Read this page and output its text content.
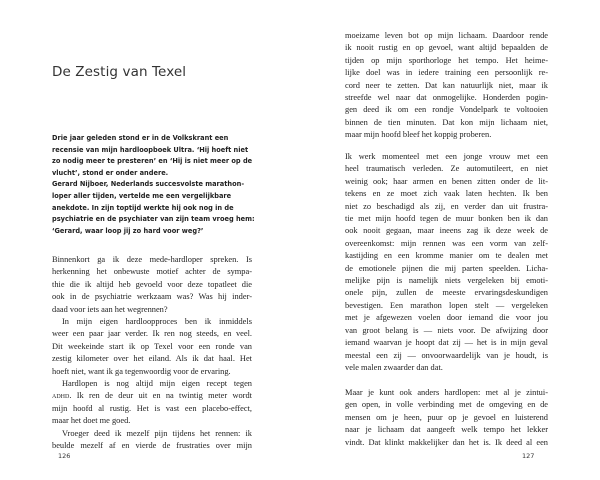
De Zestig van Texel
Drie jaar geleden stond er in de Volkskrant een
recensie van mijn hardloopboek Ultra. ‘Hij hoeft niet
zo nodig meer te presteren’ en ‘Hij is niet meer op de
vlucht’, stond er onder andere.
Gerard Nijboer, Nederlands succesvolste marathon-
loper aller tijden, vertelde me een vergelijkbare
anekdote. In zijn toptijd werkte hij ook nog in de
psychiatrie en de psychiater van zijn team vroeg hem:
‘Gerard, waar loop jij zo hard voor weg?’
Binnenkort ga ik deze mede-hardloper spreken. Is
herkenning het onbewuste motief achter de sympa-
thie die ik altijd heb gevoeld voor deze topatleet die
ook in de psychiatrie werkzaam was? Was hij inder-
daad voor iets aan het wegrennen?
In mijn eigen hardloopproces ben ik inmiddels
weer een paar jaar verder. Ik ren nog steeds, en veel.
Dit weekeinde start ik op Texel voor een ronde van
zestig kilometer over het eiland. Als ik dat haal. Het
hoeft niet, want ik ga tegenwoordig voor de ervaring.
Hardlopen is nog altijd mijn eigen recept tegen
adhd. Ik ren de deur uit en na twintig meter wordt
mijn hoofd al rustig. Het is vast een placebo-effect,
maar het doet me goed.
Vroeger deed ik mezelf pijn tijdens het rennen: ik
beulde mezelf af en vierde de frustraties over mijn
126
moeizame leven bot op mijn lichaam. Daardoor rende
ik nooit rustig en op gevoel, want altijd bepaalden de
tijden op mijn sporthorloge het tempo. Het heime-
lijke doel was in iedere training een persoonlijk re-
cord neer te zetten. Dat kan natuurlijk niet, maar ik
streefde wel naar dat onmogelijke. Honderden pogin-
gen deed ik om een rondje Vondelpark te voltooien
binnen de tien minuten. Dat kon mijn lichaam niet,
maar mijn hoofd bleef het koppig proberen.
Ik werk momenteel met een jonge vrouw met een
heel traumatisch verleden. Ze automutileert, en niet
weinig ook; haar armen en benen zitten onder de lit-
tekens en ze moet zich vaak laten hechten. Ik ben
niet zo beschadigd als zij, en verder dan uit frustra-
tie met mijn hoofd tegen de muur bonken ben ik dan
ook nooit gegaan, maar ineens zag ik deze week de
overeenkomst: mijn rennen was een vorm van zelf-
kastijding en een kromme manier om te dealen met
de emotionele pijnen die mij parten speelden. Licha-
melijke pijn is namelijk niets vergeleken bij emoti-
onele pijn, zullen de meeste ervaringsdeskundigen
bevestigen. Een marathon lopen stelt — vergeleken
met je afgewezen voelen door iemand die voor jou
van groot belang is — niets voor. De afwijzing door
iemand waarvan je hoopt dat zij — het is in mijn geval
meestal een zij — onvoorwaardelijk van je houdt, is
vele malen zwaarder dan dat.
Maar je kunt ook anders hardlopen: met al je zintui-
gen open, in volle verbinding met de omgeving en de
mensen om je heen, puur op je gevoel en luisterend
naar je lichaam dat aangeeft welk tempo het lekker
vindt. Dat klinkt makkelijker dan het is. Ik deed al een
127
